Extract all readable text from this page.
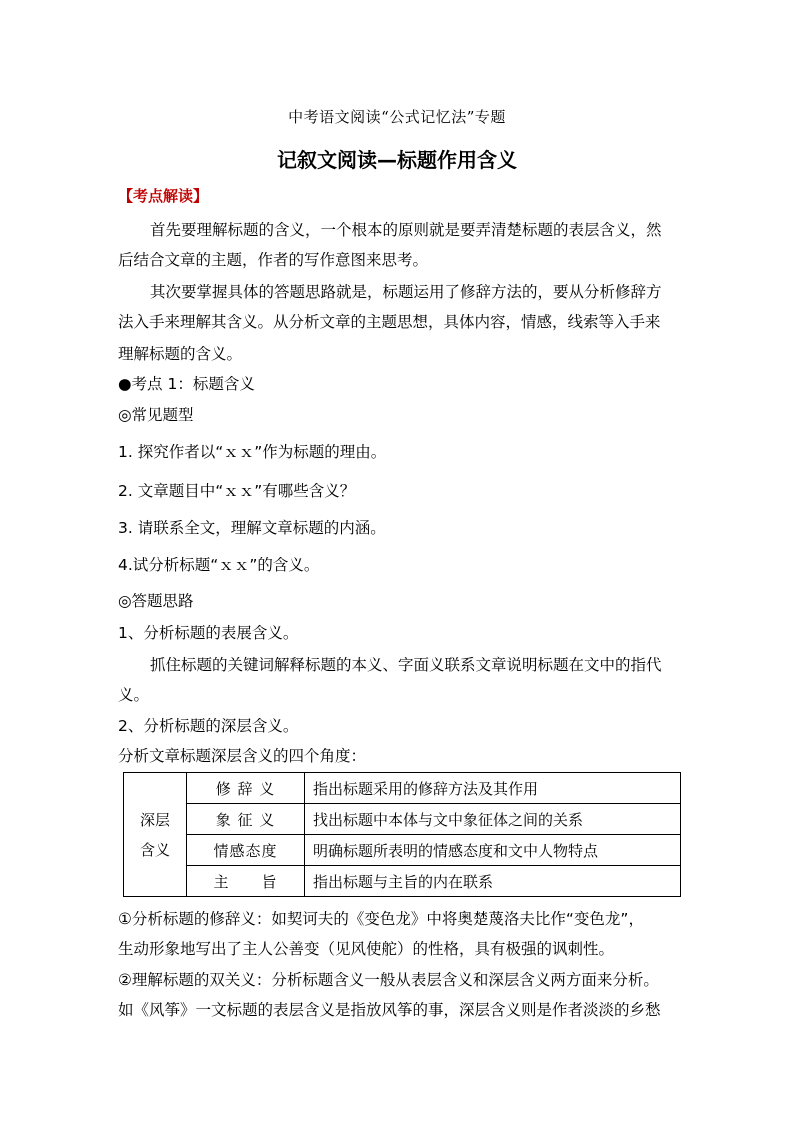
中考语文阅读“公式记忆法”专题
记叙文阅读—标题作用含义
【考点解读】
首先要理解标题的含义，一个根本的原则就是要弄清楚标题的表层含义，然
后结合文章的主题，作者的写作意图来思考。
其次要掌握具体的答题思路就是，标题运用了修辞方法的，要从分析修辞方
法入手来理解其含义。从分析文章的主题思想，具体内容，情感，线索等入手来
理解标题的含义。
●考点 1：标题含义
◎常见题型
1. 探究作者以“ｘｘ”作为标题的理由。
2. 文章题目中“ｘｘ”有哪些含义？
3. 请联系全文，理解文章标题的内涵。
4.试分析标题“ｘｘ”的含义。
◎答题思路
1、分析标题的表展含义。
抓住标题的关键词解释标题的本义、字面义联系文章说明标题在文中的指代
义。
2、分析标题的深层含义。
分析文章标题深层含义的四个角度：
深层
含义	修 辞 义	指出标题采用的修辞方法及其作用
	象 征 义	找出标题中本体与文中象征体之间的关系
	情感态度	明确标题所表明的情感态度和文中人物特点
	主　　旨	指出标题与主旨的内在联系
①分析标题的修辞义：如契诃夫的《变色龙》中将奥楚蔑洛夫比作“变色龙”，
生动形象地写出了主人公善变（见风使舵）的性格，具有极强的讽刺性。
②理解标题的双关义：分析标题含义一般从表层含义和深层含义两方面来分析。
如《风筝》一文标题的表层含义是指放风筝的事，深层含义则是作者淡淡的乡愁
